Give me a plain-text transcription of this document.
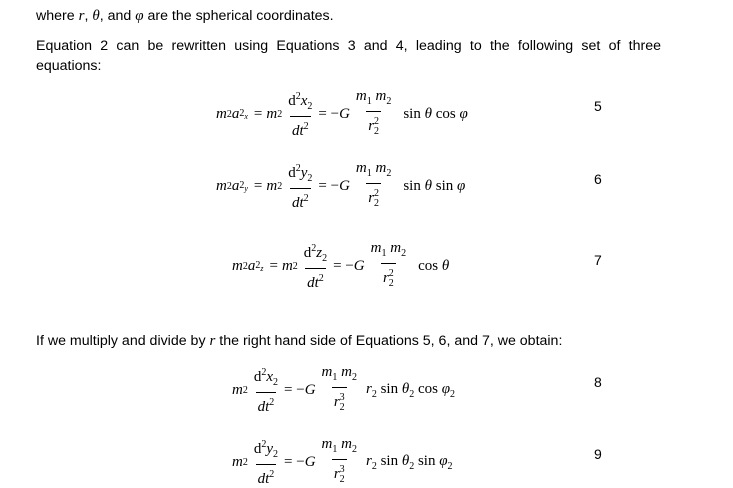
where r, θ, and φ are the spherical coordinates.
Equation 2 can be rewritten using Equations 3 and 4, leading to the following set of three equations:
m 2 a $2_x = m$ $2 \frac{d^2x_2}{dt^2}$ = − G $\frac{m_1 m_2}{r_2^2}$ sin θ cos φ	5
m 2 a $2_y = m$ $2 \frac{d^2y_2}{dt^2}$ = − G $\frac{m_1 m_2}{r_2^2}$ sin θ sin φ	6
m 2 a $2_z = m$ $2 \frac{d^2z_2}{dt^2}$ = − G $\frac{m_1 m_2}{r_2^2}$ cos θ	7
If we multiply and divide by r the right hand side of Equations 5, 6, and 7, we obtain:
m $2 \frac{d^2x_2}{dt^2}$ = − G $\frac{m_1 m_2}{r_2^3} r_2$ $\sin \theta_2$ $\cos \varphi_2$
8
m $2 \frac{d^2y_2}{dt^2}$ = − G $\frac{m_1 m_2}{r_2^3} r_2$ $\sin \theta_2$ $\sin \varphi_2$
9
